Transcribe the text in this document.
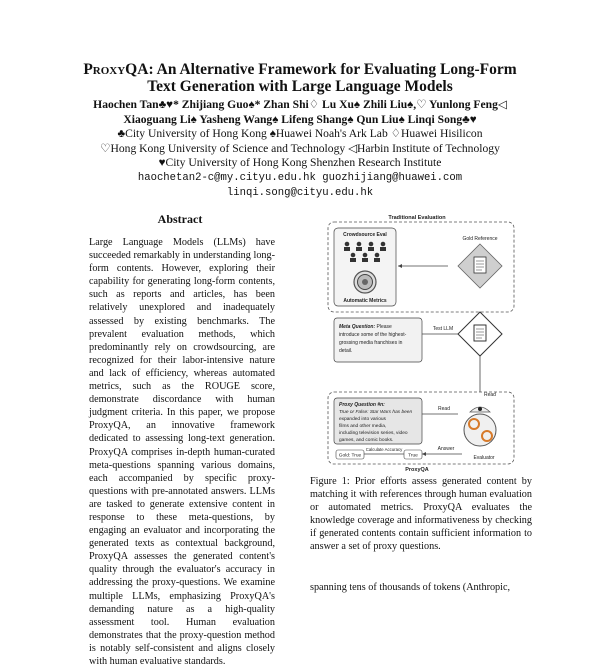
ProxyQA: An Alternative Framework for Evaluating Long-Form
Text Generation with Large Language Models
Haochen Tan♣♥* Zhijiang Guo♠* Zhan Shi♢ Lu Xu♠ Zhili Liu♠,♡ Yunlong Feng◁
Xiaoguang Li♠ Yasheng Wang♠ Lifeng Shang♠ Qun Liu♠ Linqi Song♣♥
♣City University of Hong Kong ♠Huawei Noah's Ark Lab ♢Huawei Hisilicon
♡Hong Kong University of Science and Technology ◁Harbin Institute of Technology
♥City University of Hong Kong Shenzhen Research Institute
haochetan2-c@my.cityu.edu.hk guozhijiang@huawei.com
linqi.song@cityu.edu.hk
Abstract
Large Language Models (LLMs) have succeeded remarkably in understanding long-form contents. However, exploring their capability for generating long-form contents, such as reports and articles, has been relatively unexplored and inadequately assessed by existing benchmarks. The prevalent evaluation methods, which predominantly rely on crowdsourcing, are recognized for their labor-intensive nature and lack of efficiency, whereas automated metrics, such as the ROUGE score, demonstrate discordance with human judgment criteria. In this paper, we propose ProxyQA, an innovative framework dedicated to assessing long-text generation. ProxyQA comprises in-depth human-curated meta-questions spanning various domains, each accompanied by specific proxy-questions with pre-annotated answers. LLMs are tasked to generate extensive content in response to these meta-questions, by engaging an evaluator and incorporating the generated texts as contextual background, ProxyQA assesses the generated content's quality through the evaluator's accuracy in addressing the proxy-questions. We examine multiple LLMs, emphasizing ProxyQA's demanding nature as a high-quality assessment tool. Human evaluation demonstrates that the proxy-question method is notably self-consistent and aligns closely with human evaluative standards.
Traditional Evaluation
Crowdsource Eval
Automatic Metrics
Gold Reference
Meta Question: Please
introduce some of the highest-
grossing media franchises in
detail.
Test LLM
Read
ProxyQA
Proxy Question #n:
True or False: Star Wars has been
expanded into various
films and other media,
including television series, video
games, and comic books.
Read
Evaluator
Gold: True
Calculate Accuracy
True
Answer
Figure 1: Prior efforts assess generated content by matching it with references through human evaluation or automated metrics. ProxyQA evaluates the knowledge coverage and informativeness by checking if generated contents contain sufficient information to answer a set of proxy questions.
spanning tens of thousands of tokens (Anthropic,
